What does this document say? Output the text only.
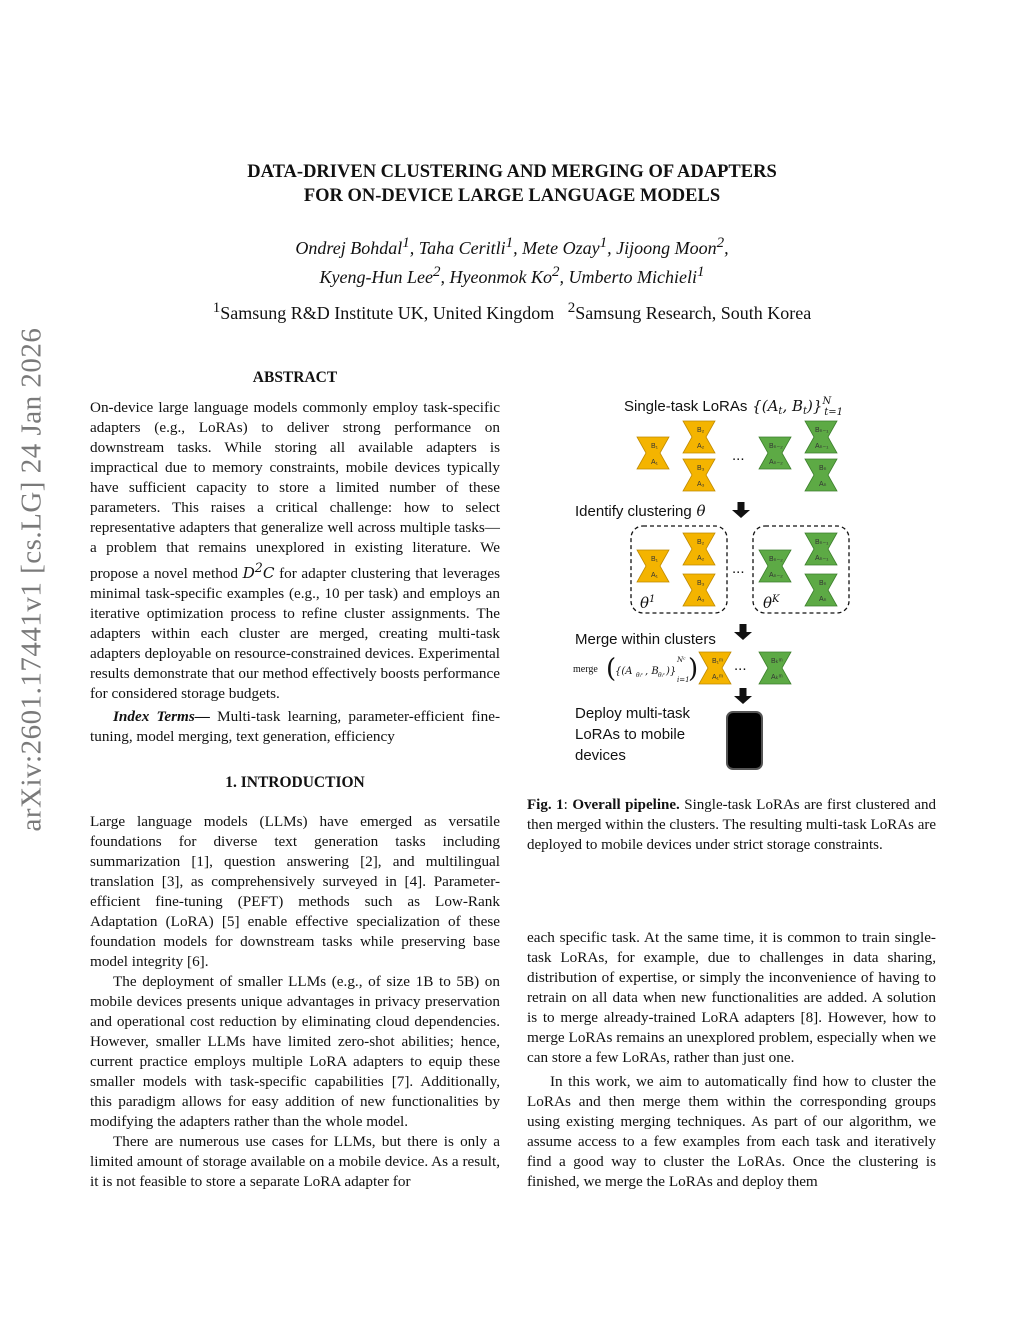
arXiv:2601.17441v1 [cs.LG] 24 Jan 2026
DATA-DRIVEN CLUSTERING AND MERGING OF ADAPTERS
FOR ON-DEVICE LARGE LANGUAGE MODELS
Ondrej Bohdal$^1$, Taha Ceritli$^1$, Mete Ozay$^1$, Jijoong Moon$^2$,
Kyeng-Hun Lee$^2$, Hyeonmok Ko$^2$, Umberto Michieli$^1$
$^1$Samsung R&D Institute UK, United Kingdom $^2$Samsung Research, South Korea
ABSTRACT

On-device large language models commonly employ task-specific adapters (e.g., LoRAs) to deliver strong performance on downstream tasks. While storing all available adapters is impractical due to memory constraints, mobile devices typically have sufficient capacity to store a limited number of these parameters. This raises a critical challenge: how to select representative adapters that generalize well across multiple tasks—a problem that remains unexplored in existing literature. We propose a novel method $D^2C$ for adapter clustering that leverages minimal task-specific examples (e.g., 10 per task) and employs an iterative optimization process to refine cluster assignments. The adapters within each cluster are merged, creating multi-task adapters deployable on resource-constrained devices. Experimental results demonstrate that our method effectively boosts performance for considered storage budgets.

Index Terms— Multi-task learning, parameter-efficient fine-tuning, model merging, text generation, efficiency
1. INTRODUCTION

Large language models (LLMs) have emerged as versatile foundations for diverse text generation tasks including summarization [1], question answering [2], and multilingual translation [3], as comprehensively surveyed in [4]. Parameter-efficient fine-tuning (PEFT) methods such as Low-Rank Adaptation (LoRA) [5] enable effective specialization of these foundation models for downstream tasks while preserving base model integrity [6].

The deployment of smaller LLMs (e.g., of size 1B to 5B) on mobile devices presents unique advantages in privacy preservation and operational cost reduction by eliminating cloud dependencies. However, smaller LLMs have limited zero-shot abilities; hence, current practice employs multiple LoRA adapters to equip these smaller models with task-specific capabilities [7]. Additionally, this paradigm allows for easy addition of new functionalities by modifying the adapters rather than the whole model.

There are numerous use cases for LLMs, but there is only a limited amount of storage available on a mobile device. As a result, it is not feasible to store a separate LoRA adapter for

each specific task. At the same time, it is common to train single-task LoRAs, for example, due to challenges in data sharing, distribution of expertise, or simply the inconvenience of having to retrain on all data when new functionalities are added. A solution is to merge already-trained LoRA adapters [8]. However, how to merge LoRAs remains an unexplored problem, especially when we can store a few LoRAs, rather than just one.

In this work, we aim to automatically find how to cluster the LoRAs and then merge them within the corresponding groups using existing merging techniques. As part of our algorithm, we assume access to a few examples from each task and iteratively find a good way to cluster the LoRAs. Once the clustering is finished, we merge the LoRAs and deploy them

Single-task LoRAs {($A_t$, $B_t)\}^N$ t=1
B₁
A₁
B₂
A₂
B₃
A₃
...
Bₙ₋₂
Aₙ₋₂
Bₙ₋₁
Aₙ₋₁
Bₙ
Aₙ
Identify clustering θ
B₁
A₁
B₂
A₂
B₃
A₃
$\theta^1$
...
Bₙ₋₂
Aₙ₋₂
Bₙ₋₁
Aₙ₋₁
Bₙ
Aₙ
$\theta^K$
Merge within clusters
merge (
{(A θᵢᶜ , B θᵢᶜ )}
Nᶜ
i=1
) B₁ᵐ
A₁ᵐ
...	Bₖᵐ
Aₖᵐ
Deploy multi-task
LoRAs to mobile
devices
Fig. 1: Overall pipeline. Single-task LoRAs are first clustered and then merged within the clusters. The resulting multi-task LoRAs are deployed to mobile devices under strict storage constraints.
